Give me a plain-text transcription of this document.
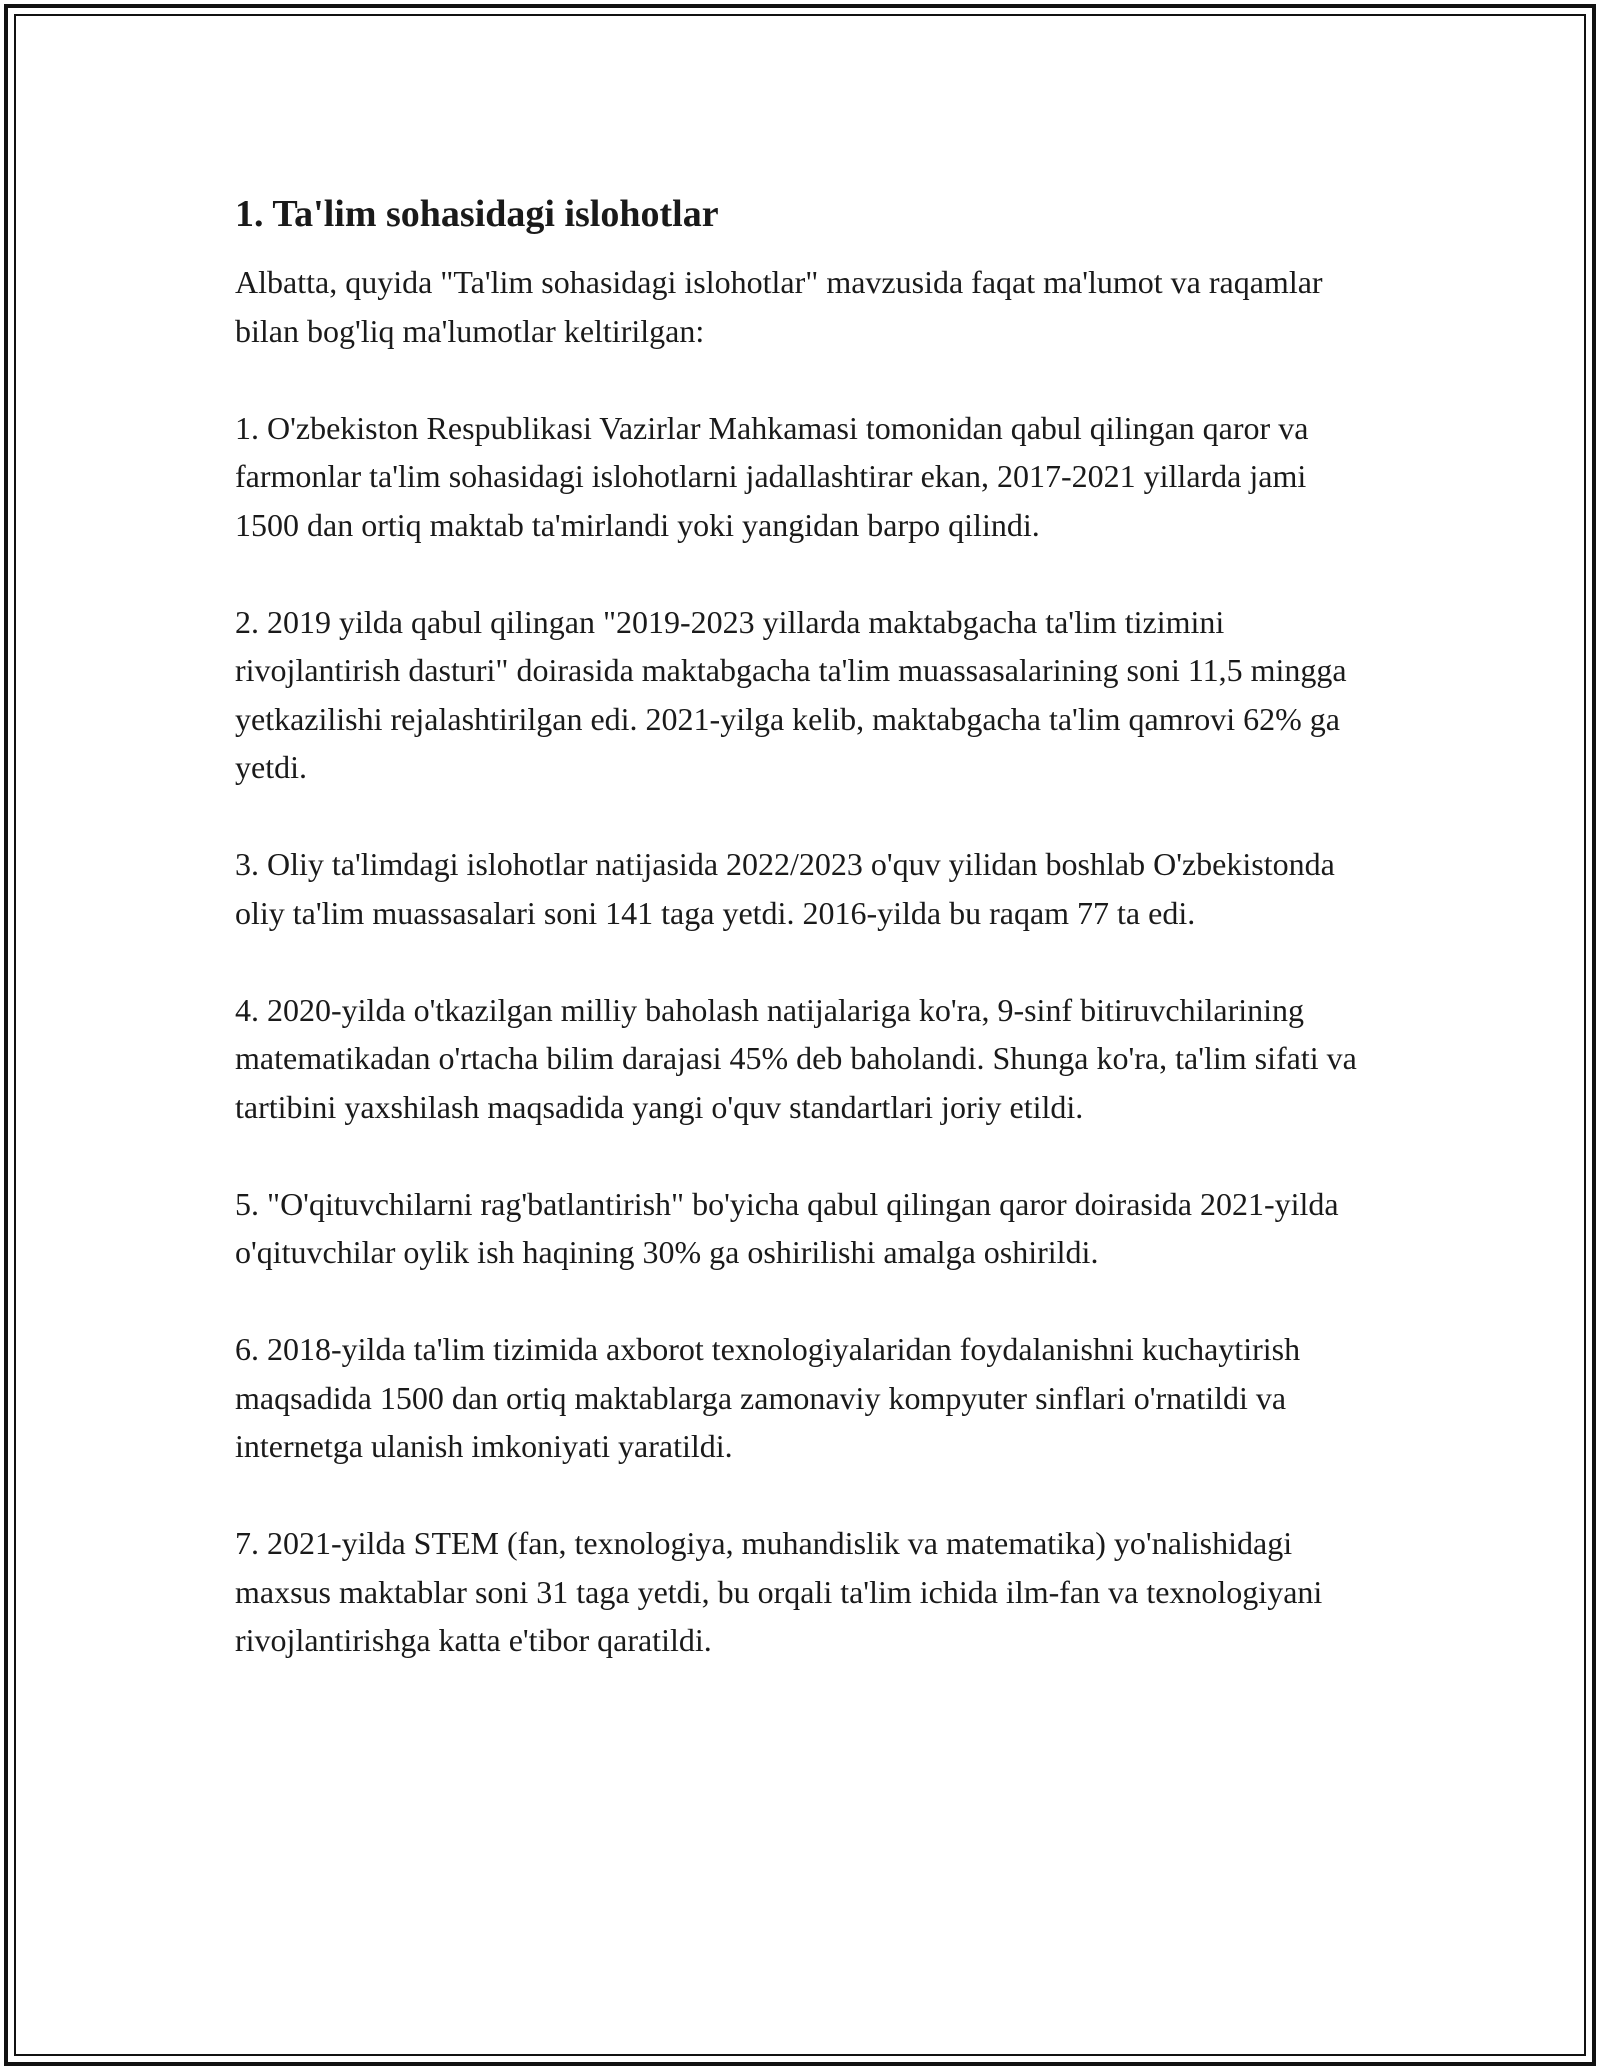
1. Ta'lim sohasidagi islohotlar

Albatta, quyida "Ta'lim sohasidagi islohotlar" mavzusida faqat ma'lumot va raqamlar bilan bog'liq ma'lumotlar keltirilgan:

1. O'zbekiston Respublikasi Vazirlar Mahkamasi tomonidan qabul qilingan qaror va farmonlar ta'lim sohasidagi islohotlarni jadallashtirar ekan, 2017-2021 yillarda jami 1500 dan ortiq maktab ta'mirlandi yoki yangidan barpo qilindi.

2. 2019 yilda qabul qilingan "2019-2023 yillarda maktabgacha ta'lim tizimini rivojlantirish dasturi" doirasida maktabgacha ta'lim muassasalarining soni 11,5 mingga yetkazilishi rejalashtirilgan edi. 2021-yilga kelib, maktabgacha ta'lim qamrovi 62% ga yetdi.

3. Oliy ta'limdagi islohotlar natijasida 2022/2023 o'quv yilidan boshlab O'zbekistonda oliy ta'lim muassasalari soni 141 taga yetdi. 2016-yilda bu raqam 77 ta edi.

4. 2020-yilda o'tkazilgan milliy baholash natijalariga ko'ra, 9-sinf bitiruvchilarining matematikadan o'rtacha bilim darajasi 45% deb baholandi. Shunga ko'ra, ta'lim sifati va tartibini yaxshilash maqsadida yangi o'quv standartlari joriy etildi.

5. "O'qituvchilarni rag'batlantirish" bo'yicha qabul qilingan qaror doirasida 2021-yilda o'qituvchilar oylik ish haqining 30% ga oshirilishi amalga oshirildi.

6. 2018-yilda ta'lim tizimida axborot texnologiyalaridan foydalanishni kuchaytirish maqsadida 1500 dan ortiq maktablarga zamonaviy kompyuter sinflari o'rnatildi va internetga ulanish imkoniyati yaratildi.

7. 2021-yilda STEM (fan, texnologiya, muhandislik va matematika) yo'nalishidagi maxsus maktablar soni 31 taga yetdi, bu orqali ta'lim ichida ilm-fan va texnologiyani rivojlantirishga katta e'tibor qaratildi.
